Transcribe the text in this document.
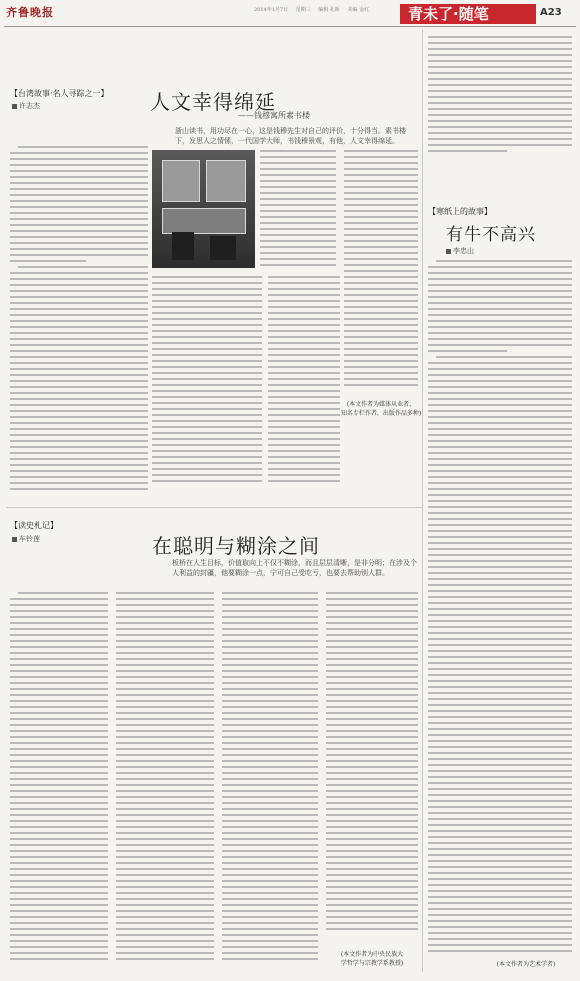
齐鲁晚报	2014年1月7日 星期三 编辑 孔昕 美编 金红	青未了·随笔	A23
【台湾故事·名人寻踪之一】
许志杰	人文幸得绵延
——钱穆寓所素书楼
浙山读书，用功尽在一心，这是钱穆先生对自己的评价，十分得当。素书楼下，发思人之情愫，一代国学大师，书钱穆景观，有他，人文幸得绵延。
(本文作者为媒体从业者、
知名专栏作者，出版作品多种)
【寒纸上的故事】
有牛不高兴
李忠山
(本文作者为艺术学者)
【读史札记】
车铃莲	在聪明与糊涂之间
板桥在人生目标，价值取向上不仅不糊涂，而且层层清晰，是非分明；在涉及个人利益的封疆，他要糊涂一点，宁可自己受吃亏，也要去帮助别人群。
(本文作者为中央民族大
学哲学与宗教学系教授)
